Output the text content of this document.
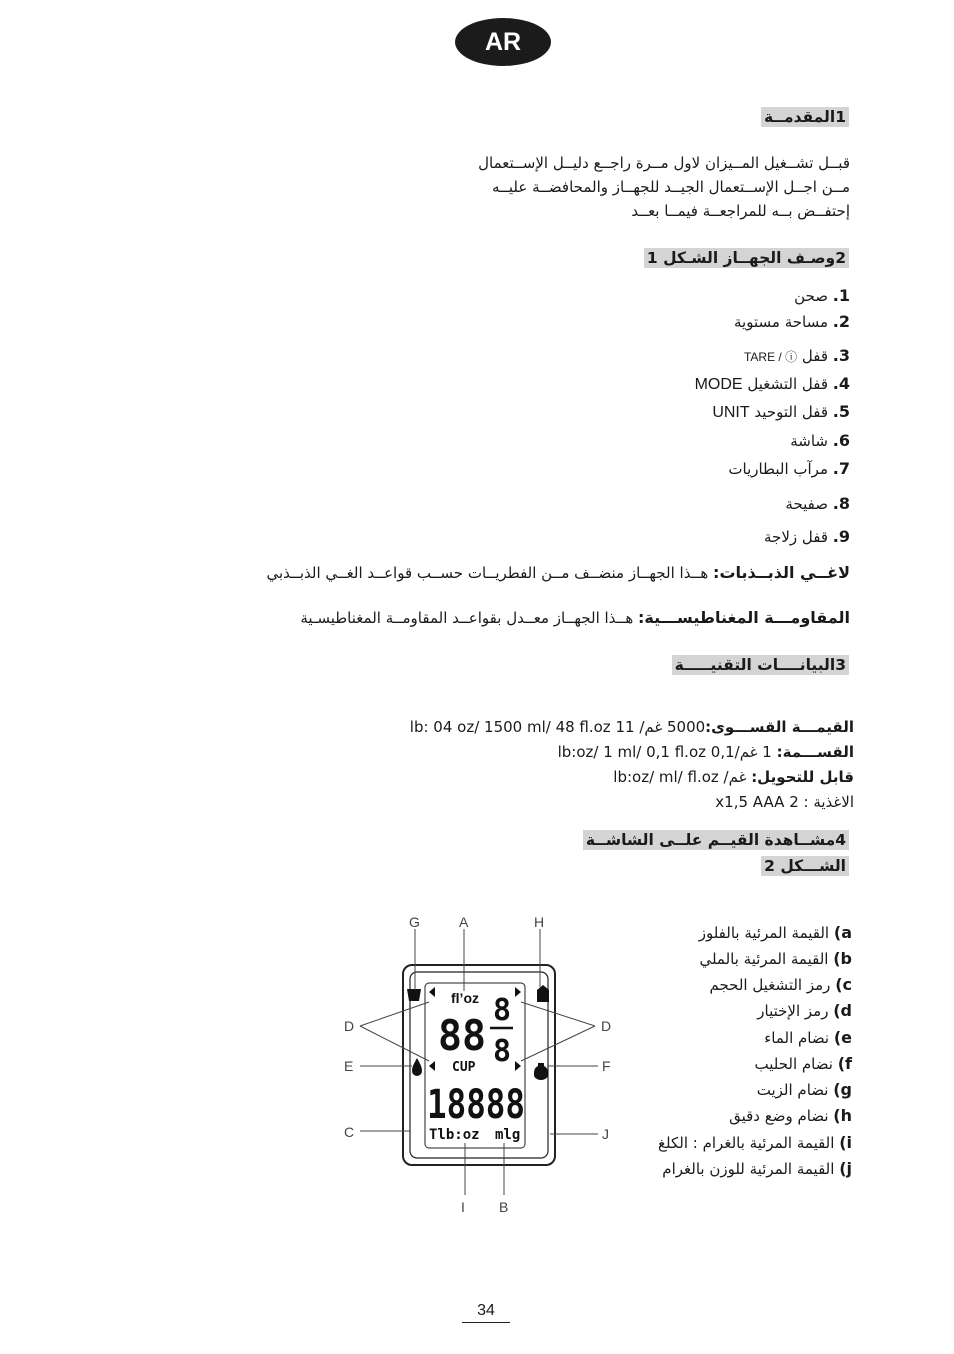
AR
1المقدمــة
قبــل تشــغيل المــيزان لاول مــرة راجــع دليــل الإســتعمال
مــن اجــل الإســتعمال الجيــد للجهــاز والمحافضــة عليــه
إحتفــض بــه للمراجعــة فيمــا بعــد
2وصـف الجهــاز الشـكل 1
1. صحن
2. مساحة مستوية
3. قفل TARE / ⓘ
4. قفل التشغيل MODE
5. قفل التوحيد UNIT
6. شاشة
7. مرآب البطاريات
8. صفيحة
9. قفل زلاجة
لاغــي الذبــذبات: هــذا الجهــاز منضــف مــن الفطريــات حســب قواعــد الغــي الذبــذبي
المقاومـــة المغناطيســـية: هــذا الجهــاز معــدل بقواعــد المقاومــة المغناطيسـية
3البيانــــات التقنيـــــة
القيمـــة القســـوى:5000 غم/ 11 lb: 04 oz/ 1500 ml/ 48 fl.oz
القســـمة: 1 غم/0,1 lb:oz/ 1 ml/ 0,1 fl.oz
قابل للتحويل: غم/ lb:oz/ ml/ fl.oz
الاغذية : 2 x1,5 AAA
4مشــاهدة القيــم علــى الشاشــة
الشـــكل 2
a) القيمة المرئية بالفلوز
b) القيمة المرئية بالملي
c) رمز التشغيل الحجم
d) رمز الإختيار
e) نضام الماء
f) نضام الحليب
g) نضام الزيت
h) نضام وضع دقيق
i) القيمة المرئية بالغرام : الكلغ
j) القيمة المرئية للوزن بالغرام
fl’oz
88
8
8
CUP
18888
Tlb:oz mlg
G	A	H
D	D
E	F
C	J
I B
34
